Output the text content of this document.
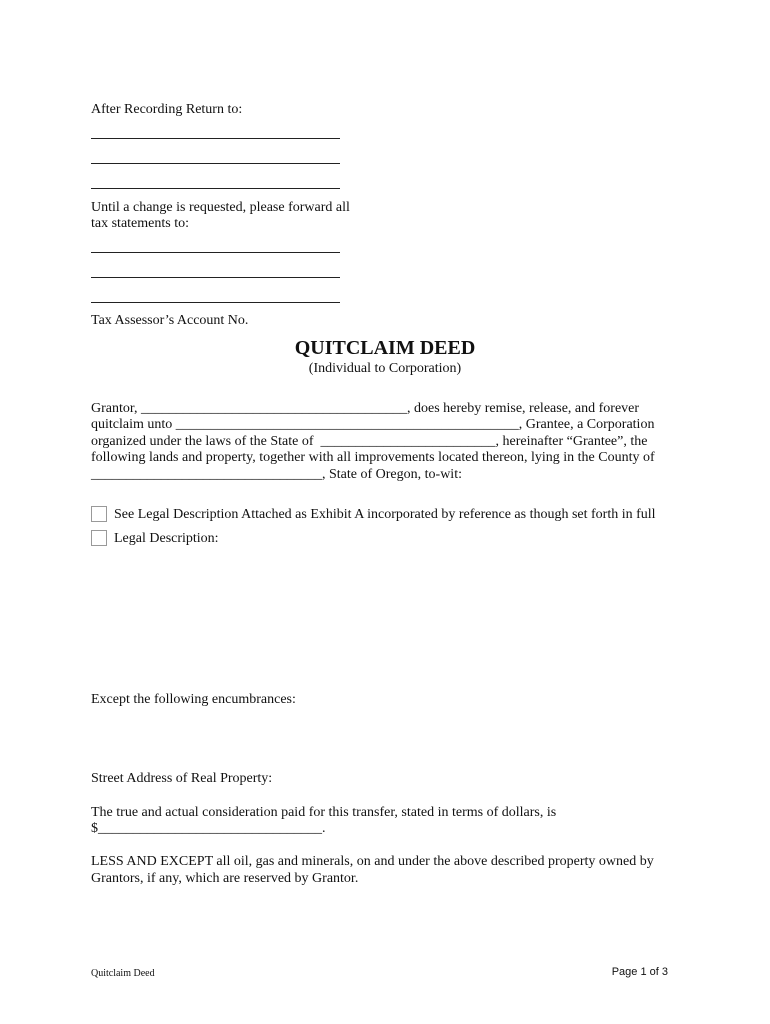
After Recording Return to:
Until a change is requested, please forward all
tax statements to:
Tax Assessor’s Account No.
QUITCLAIM DEED
(Individual to Corporation)
Grantor, ______________________________________, does hereby remise, release, and forever
quitclaim unto _________________________________________________, Grantee, a Corporation
organized under the laws of the State of  _________________________, hereinafter “Grantee”, the
following lands and property, together with all improvements located thereon, lying in the County of
_________________________________, State of Oregon, to-wit:
See Legal Description Attached as Exhibit A incorporated by reference as though set forth in full
Legal Description:
Except the following encumbrances:
Street Address of Real Property:
The true and actual consideration paid for this transfer, stated in terms of dollars, is
$________________________________.
LESS AND EXCEPT all oil, gas and minerals, on and under the above described property owned by
Grantors, if any, which are reserved by Grantor.
Quitclaim Deed	Page 1 of 3
